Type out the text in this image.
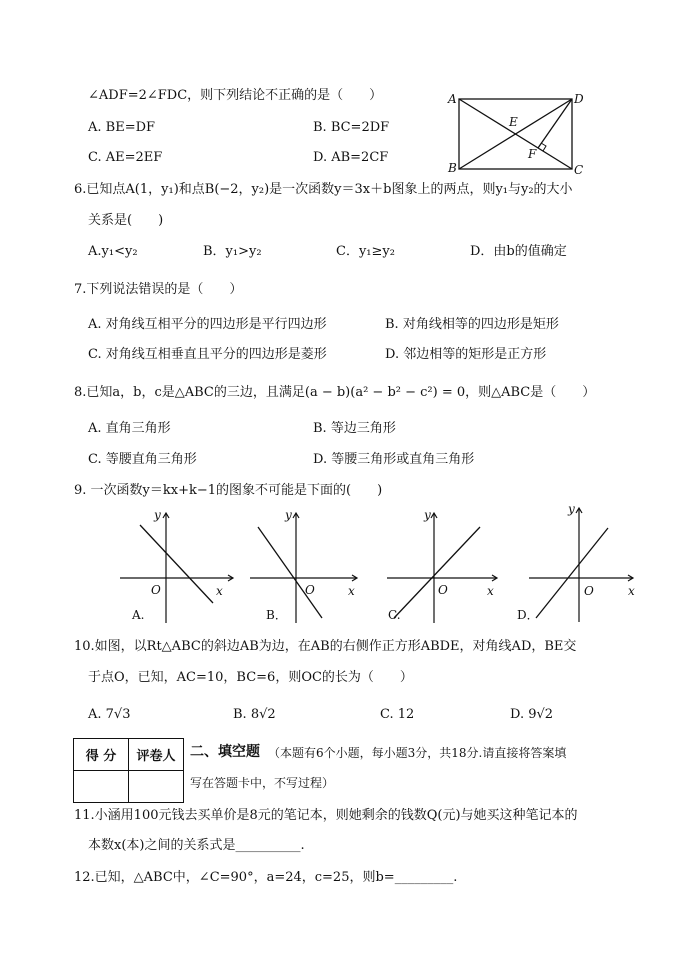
∠ADF=2∠FDC，则下列结论不正确的是（　　）
A. BE=DF	B. BC=2DF
C. AE=2EF	D. AB=2CF
A	D
E
F
B	C
6.已知点A(1，y₁)和点B(−2，y₂)是一次函数y＝3x＋b图象上的两点，则y₁与y₂的大小
关系是(　　)
A.y₁<y₂	B．y₁>y₂	C．y₁≥y₂	D．由b的值确定
7.下列说法错误的是（　　）
A. 对角线互相平分的四边形是平行四边形	B. 对角线相等的四边形是矩形
C. 对角线互相垂直且平分的四边形是菱形	D. 邻边相等的矩形是正方形
8.已知a，b，c是△ABC的三边，且满足(a − b)(a² − b² − c²) = 0，则△ABC是（　　）
A. 直角三角形	B. 等边三角形
C. 等腰直角三角形	D. 等腰三角形或直角三角形
9. 一次函数y＝kx+k−1的图象不可能是下面的(　　)
y
x
O
A.
y
x
O
B．
y
x
O
C.
y
x
O
D．
10.如图，以Rt△ABC的斜边AB为边，在AB的右侧作正方形ABDE，对角线AD，BE交
于点O，已知，AC=10，BC=6，则OC的长为（　　）
A. 7√3	B. 8√2	C. 12	D. 9√2
得 分	评卷人
	二、填空题 （本题有6个小题，每小题3分，共18分.请直接将答案填
写在答题卡中，不写过程）
11.小涵用100元钱去买单价是8元的笔记本，则她剩余的钱数Q(元)与她买这种笔记本的
本数x(本)之间的关系式是__________.
12.已知，△ABC中，∠C=90°，a=24，c=25，则b=_________.
